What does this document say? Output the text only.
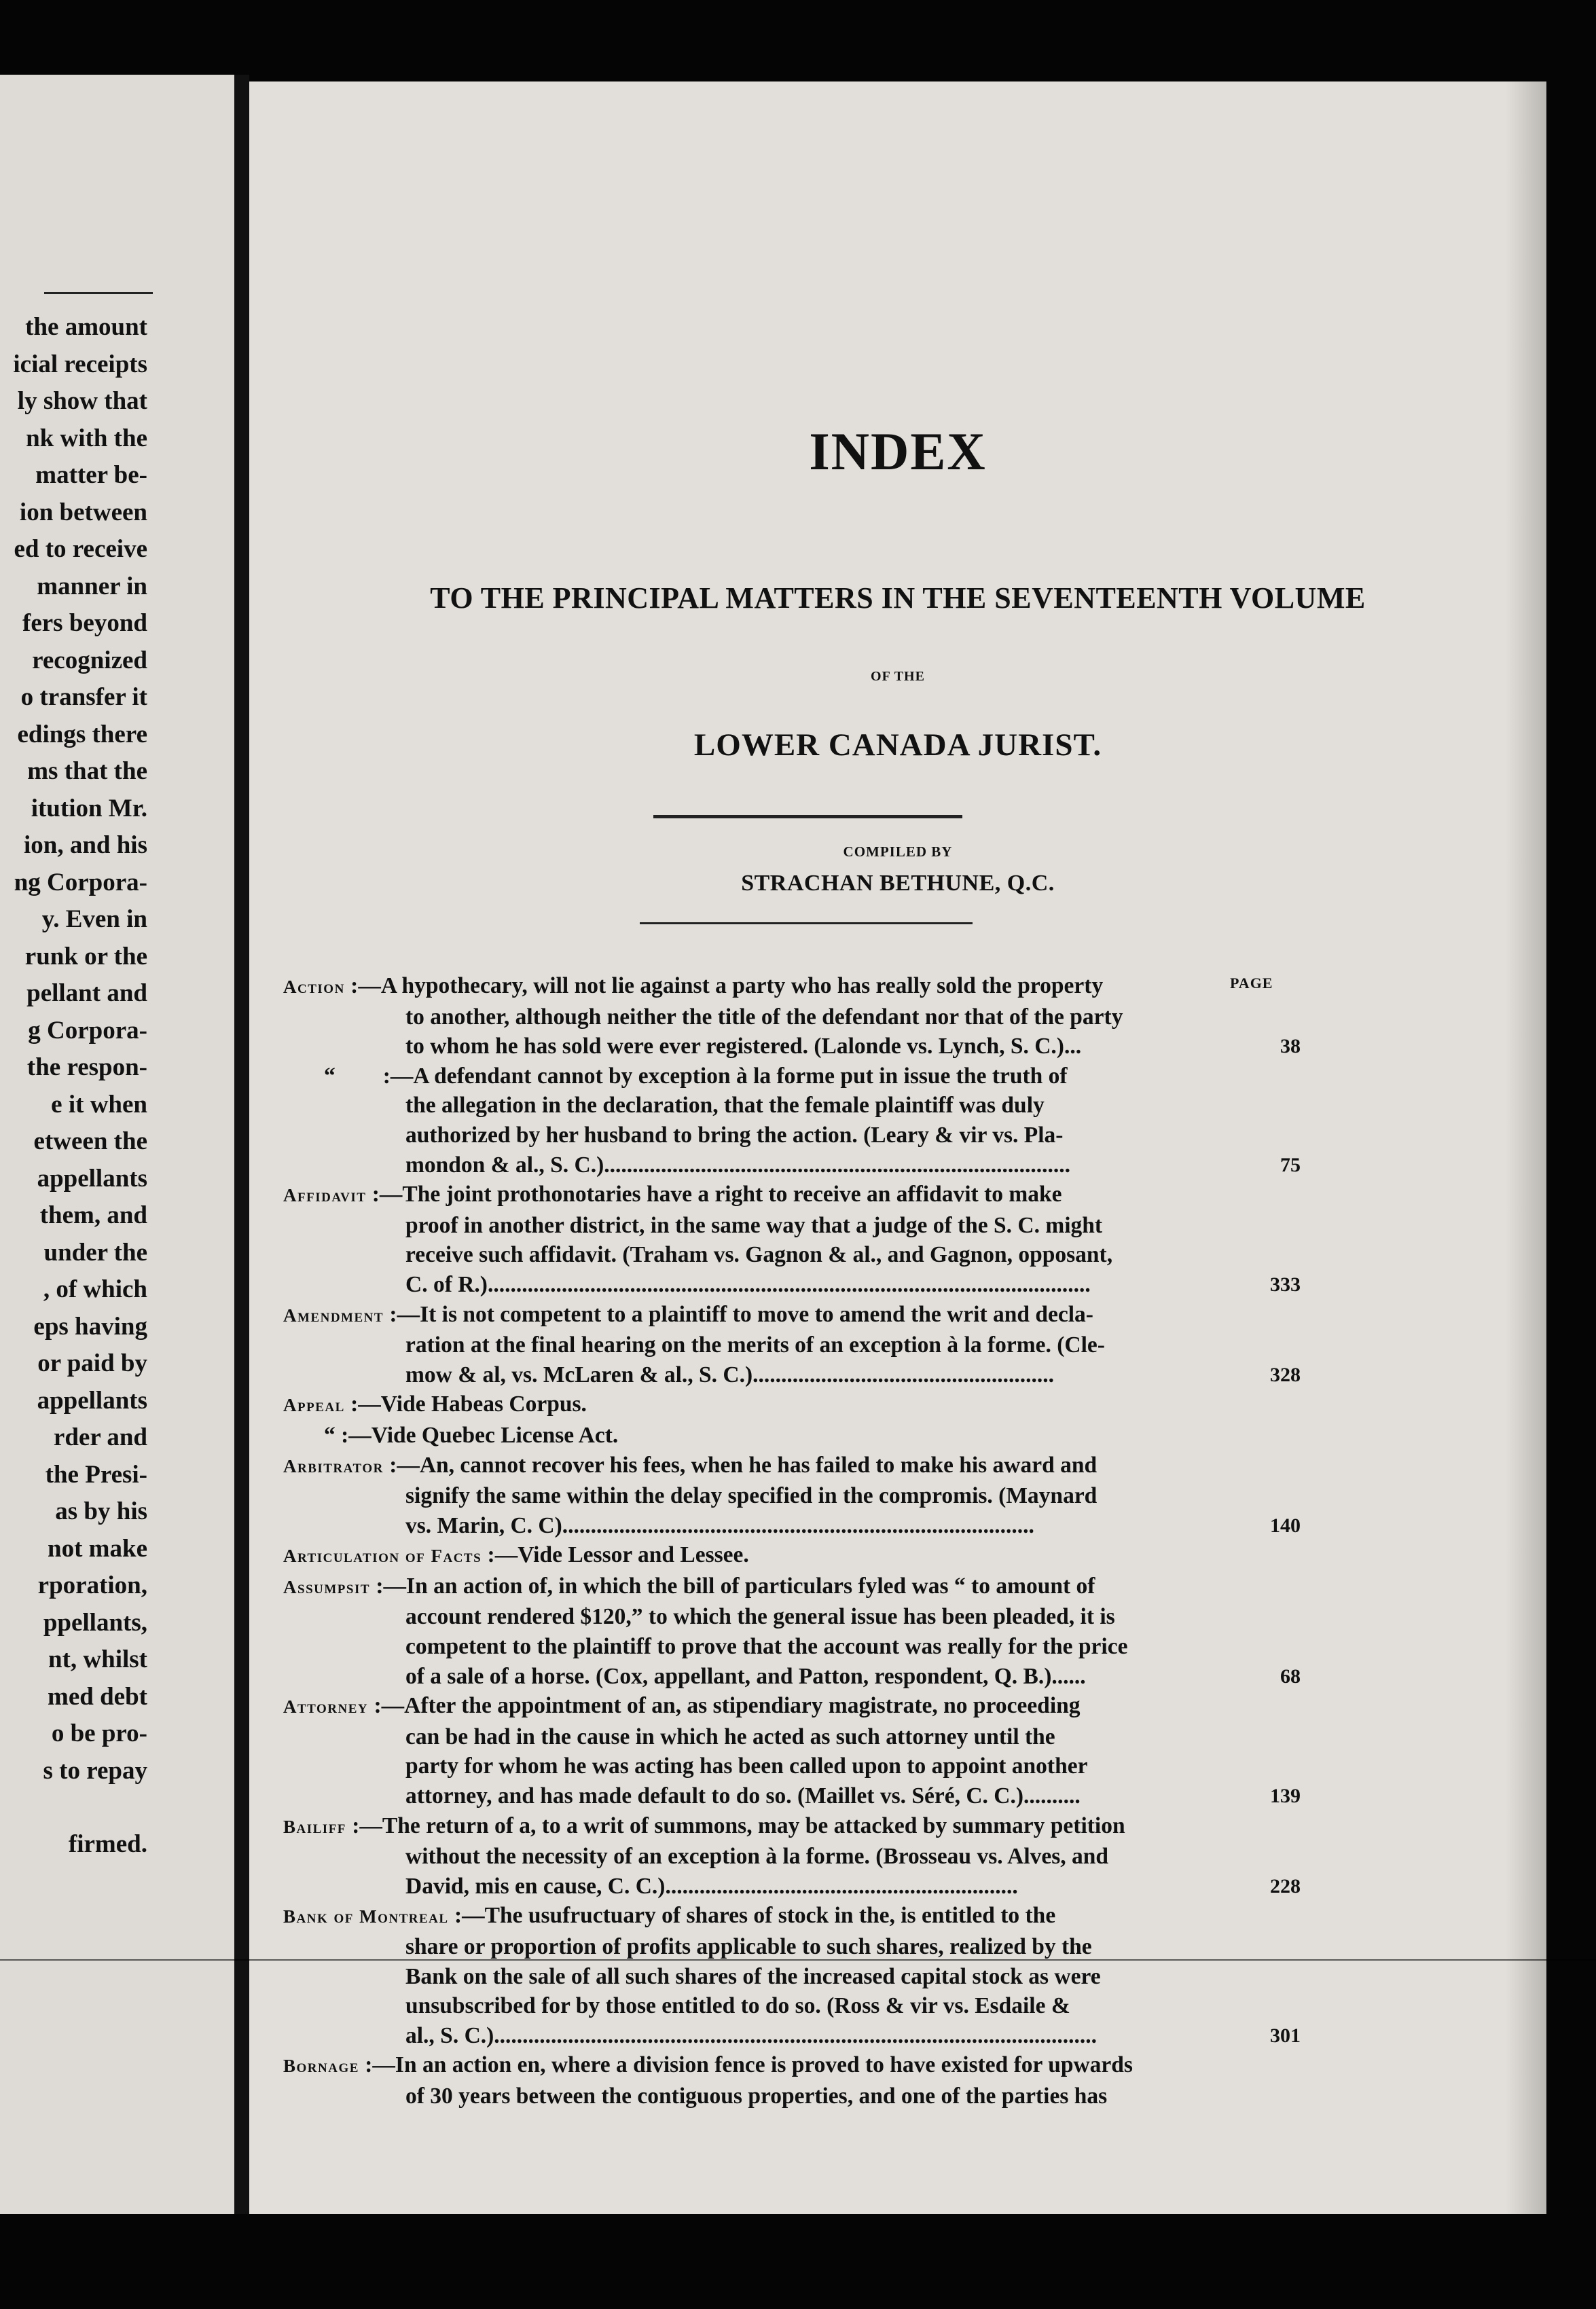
the amount
icial receipts
ly show that
nk with the
matter be-
ion between
ed to receive
manner in
fers beyond
recognized
o transfer it
edings there
ms that the
itution Mr.
ion, and his
ng Corpora-
y. Even in
runk or the
pellant and
g Corpora-
the respon-
e it when
etween the
appellants
them, and
under the
, of which
eps having
or paid by
appellants
rder and
the Presi-
as by his
not make
rporation,
ppellants,
nt, whilst
med debt
o be pro-
s to repay
firmed.
INDEX
TO THE PRINCIPAL MATTERS IN THE SEVENTEENTH VOLUME
OF THE
LOWER CANADA JURIST.
COMPILED BY
STRACHAN BETHUNE, Q.C.
PAGE
Action :—A hypothecary, will not lie against a party who has really sold the property
to another, although neither the title of the defendant nor that of the party
to whom he has sold were ever registered. (Lalonde vs. Lynch, S. C.)...	38
“ :—A defendant cannot by exception à la forme put in issue the truth of
the allegation in the declaration, that the female plaintiff was duly
authorized by her husband to bring the action. (Leary & vir vs. Pla-
mondon & al., S. C.)..................................................................................	75
Affidavit :—The joint prothonotaries have a right to receive an affidavit to make
proof in another district, in the same way that a judge of the S. C. might
receive such affidavit. (Traham vs. Gagnon & al., and Gagnon, opposant,
C. of R.)..........................................................................................................	333
Amendment :—It is not competent to a plaintiff to move to amend the writ and decla-
ration at the final hearing on the merits of an exception à la forme. (Cle-
mow & al, vs. McLaren & al., S. C.).....................................................	328
Appeal :—Vide Habeas Corpus.
“ :—Vide Quebec License Act.
Arbitrator :—An, cannot recover his fees, when he has failed to make his award and
signify the same within the delay specified in the compromis. (Maynard
vs. Marin, C. C)...................................................................................	140
Articulation of Facts :—Vide Lessor and Lessee.
Assumpsit :—In an action of, in which the bill of particulars fyled was “ to amount of
account rendered $120,” to which the general issue has been pleaded, it is
competent to the plaintiff to prove that the account was really for the price
of a sale of a horse. (Cox, appellant, and Patton, respondent, Q. B.)......	68
Attorney :—After the appointment of an, as stipendiary magistrate, no proceeding
can be had in the cause in which he acted as such attorney until the
party for whom he was acting has been called upon to appoint another
attorney, and has made default to do so. (Maillet vs. Séré, C. C.)..........	139
Bailiff :—The return of a, to a writ of summons, may be attacked by summary petition
without the necessity of an exception à la forme. (Brosseau vs. Alves, and
David, mis en cause, C. C.)..............................................................	228
Bank of Montreal :—The usufructuary of shares of stock in the, is entitled to the
share or proportion of profits applicable to such shares, realized by the
Bank on the sale of all such shares of the increased capital stock as were
unsubscribed for by those entitled to do so. (Ross & vir vs. Esdaile &
al., S. C.)..........................................................................................................	301
Bornage :—In an action en, where a division fence is proved to have existed for upwards
of 30 years between the contiguous properties, and one of the parties has
